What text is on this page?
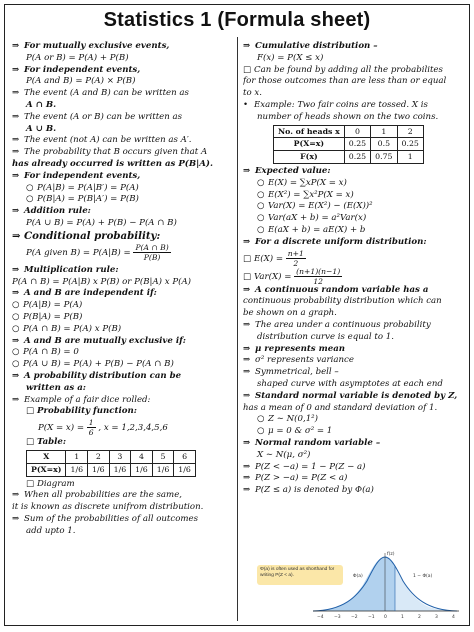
Statistics 1 (Formula sheet)
⇒ For mutually exclusive events,
P(A or B) = P(A) + P(B)
⇒ For independent events,
P(A and B) = P(A) × P(B)
⇒ The event (A and B) can be written as
A ∩ B.
⇒ The event (A or B) can be written as
A ∪ B.
⇒ The event (not A) can be written as A′.
⇒ The probability that B occurs given that A
has already occurred is written as P(B|A).
⇒ For independent events,
○ P(A|B) = P(A|B′) = P(A)
○ P(B|A) = P(B|A′) = P(B)
⇒ Addition rule:
P(A ∪ B) = P(A) + P(B) − P(A ∩ B)
⇒ Conditional probability:
P(A given $B) = P(A|B) = \frac{P(A \cap B)}{P(B)}$
⇒ Multiplication rule:
P(A ∩ B) = P(A|B) x P(B) or P(B|A) x P(A)
⇒ A and B are independent if:
○ P(A|B) = P(A)
○ P(B|A) = P(B)
○ P(A ∩ B) = P(A) x P(B)
⇒ A and B are mutually exclusive if:
○ P(A ∩ B) = 0
○ P(A ∪ B) = P(A) + P(B) − P(A ∩ B)
⇒ A probability distribution can be
written as a:
⇒ Example of a fair dice rolled:
□ Probability function:
$P(X = x) = \frac{1}{6}$ , x = 1,2,3,4,5,6
□ Table:
X	1	2	3	4	5	6
P(X=x)	1/6	1/6	1/6	1/6	1/6	1/6
□ Diagram
⇒ When all probabilities are the same,
it is known as discrete unifrom distribution.
⇒ Sum of the probabilities of all outcomes
add upto 1.
⇒ Cumulative distribution –
F(x) = P(X ≤ x)
□ Can be found by adding all the probabilites
for those outcomes than are less than or equal
to x.
• Example: Two fair coins are tossed. X is
number of heads shown on the two coins.
No. of heads x	0	1	2
P(X=x)	0.25	0.5	0.25
F(x)	0.25	0.75	1
⇒ Expected value:
○ E(X) = ∑xP(X = x)
○ E(X²) = ∑x²P(X = x)
○ Var(X) = E(X²) − (E(X))²
○ Var(aX + b) = a²Var(x)
○ E(aX + b) = aE(X) + b
⇒ For a discrete uniform distribution:
□ $E(X) = \frac{n+1}{2}$
□ $Var(X) = \frac{(n+1)(n-1)}{12}$
⇒ A continuous random variable has a
continuous probability distribution which can
be shown on a graph.
⇒ The area under a continuous probability
distribution curve is equal to 1.
⇒ μ represents mean
⇒ σ² represents variance
⇒ Symmetrical, bell –
shaped curve with asymptotes at each end
⇒ Standard normal variable is denoted by Z,
has a mean of 0 and standard deviation of 1.
○ Z ∼ N(0,1²)
○ μ = 0 & σ² = 1
⇒ Normal random variable –
X ∼ N(μ, σ²)
⇒ P(Z < −a) = 1 − P(Z − a)
⇒ P(Z > −a) = P(Z < a)
⇒ P(Z ≤ a) is denoted by Φ(a)
Φ(a) is often used as shorthand for writing P(Z < a).
−4 −3 −2 −1 0	1	2	3	4
f(z)
Φ(a)	1 − Φ(a)
